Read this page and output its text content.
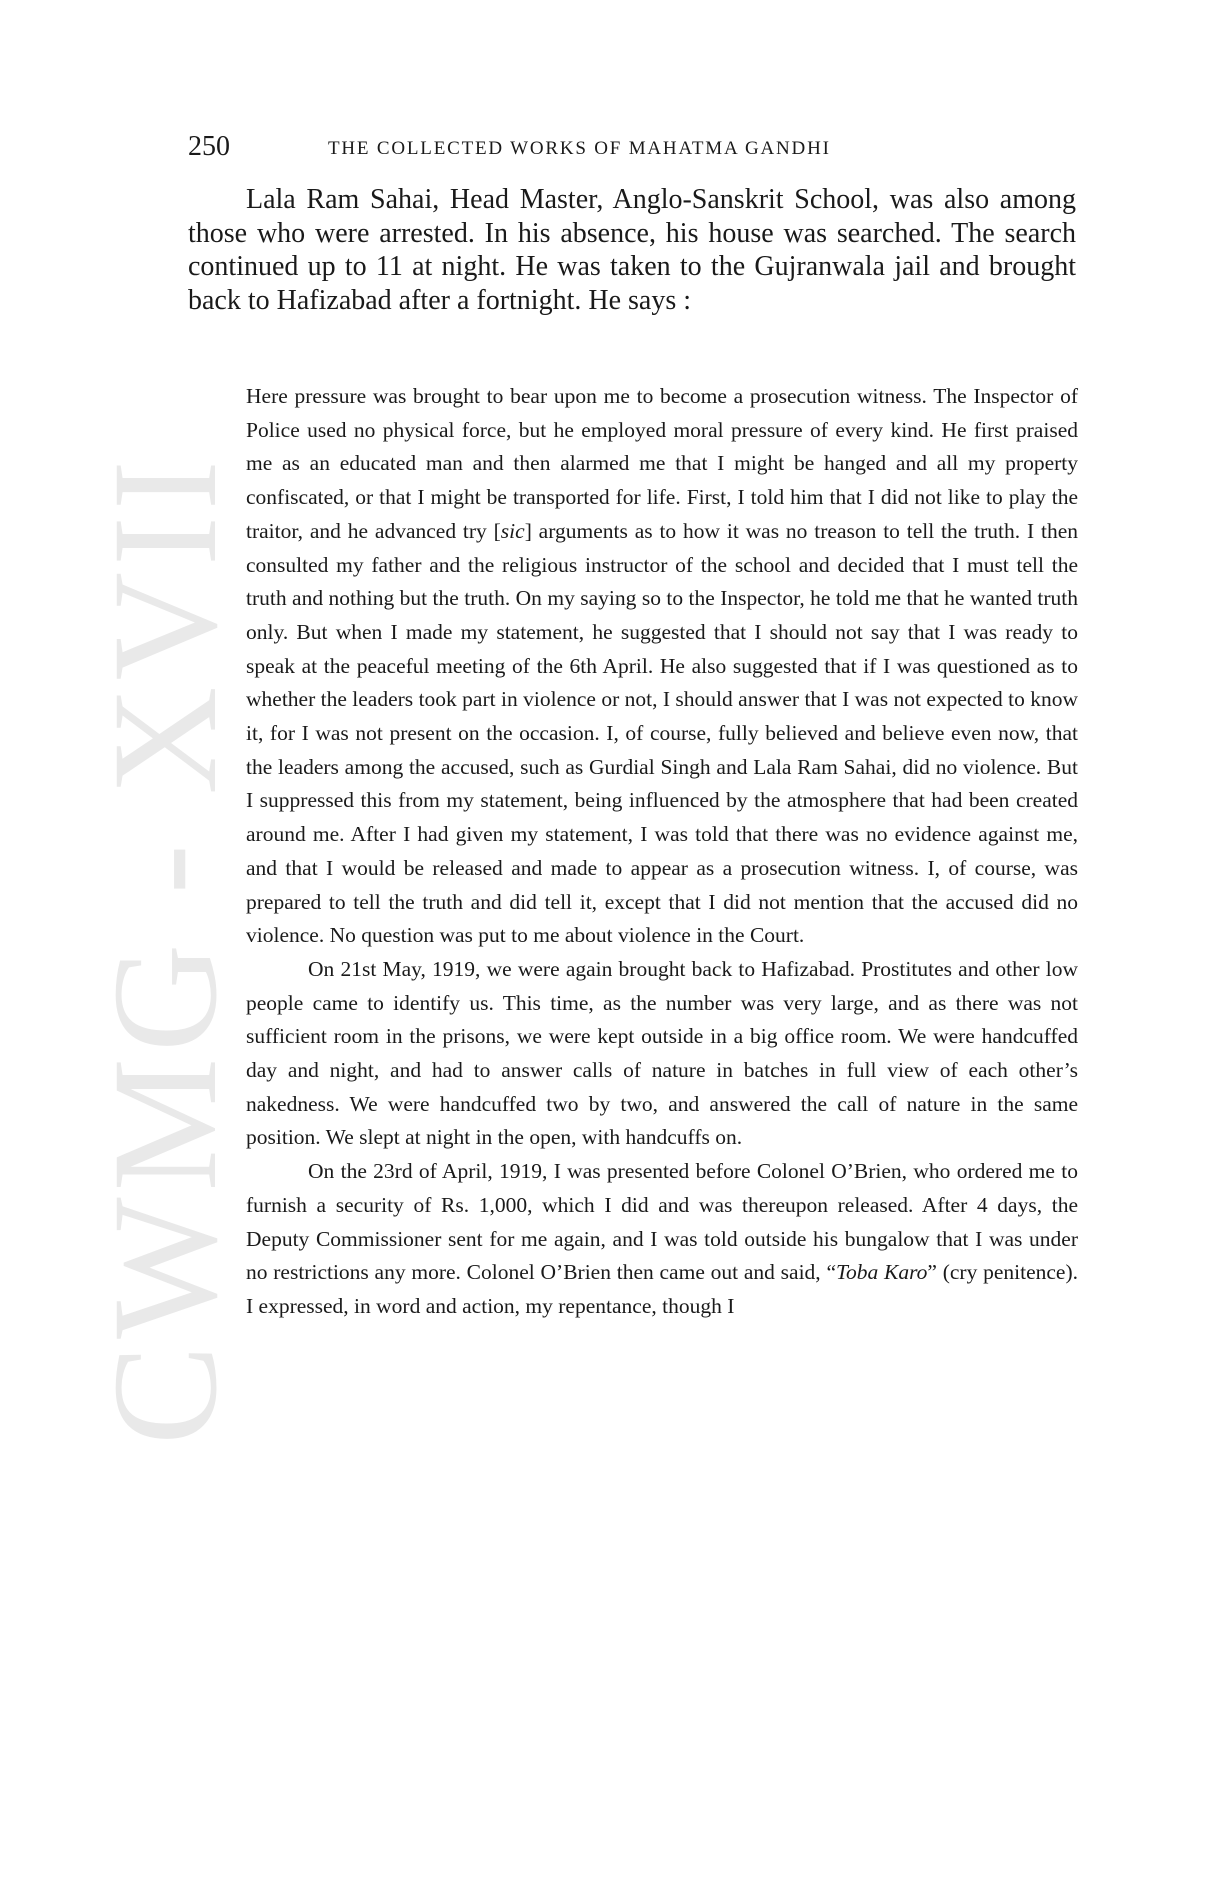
CWMG - XVII
250	THE COLLECTED WORKS OF MAHATMA GANDHI

Lala Ram Sahai, Head Master, Anglo-Sanskrit School, was also among those who were arrested. In his absence, his house was searched. The search continued up to 11 at night. He was taken to the Gujranwala jail and brought back to Hafizabad after a fortnight. He says :

Here pressure was brought to bear upon me to become a prosecution witness. The Inspector of Police used no physical force, but he employed moral pressure of every kind. He first praised me as an educated man and then alarmed me that I might be hanged and all my property confiscated, or that I might be transported for life. First, I told him that I did not like to play the traitor, and he advanced try [sic] arguments as to how it was no treason to tell the truth. I then consulted my father and the religious instructor of the school and decided that I must tell the truth and nothing but the truth. On my saying so to the Inspector, he told me that he wanted truth only. But when I made my statement, he suggested that I should not say that I was ready to speak at the peaceful meeting of the 6th April. He also suggested that if I was questioned as to whether the leaders took part in violence or not, I should answer that I was not expected to know it, for I was not present on the occasion. I, of course, fully believed and believe even now, that the leaders among the accused, such as Gurdial Singh and Lala Ram Sahai, did no violence. But I suppressed this from my statement, being influenced by the atmosphere that had been created around me. After I had given my statement, I was told that there was no evidence against me, and that I would be released and made to appear as a prosecution witness. I, of course, was prepared to tell the truth and did tell it, except that I did not mention that the accused did no violence. No question was put to me about violence in the Court.

On 21st May, 1919, we were again brought back to Hafizabad. Prostitutes and other low people came to identify us. This time, as the number was very large, and as there was not sufficient room in the prisons, we were kept outside in a big office room. We were handcuffed day and night, and had to answer calls of nature in batches in full view of each other’s nakedness. We were handcuffed two by two, and answered the call of nature in the same position. We slept at night in the open, with handcuffs on.

On the 23rd of April, 1919, I was presented before Colonel O’Brien, who ordered me to furnish a security of Rs. 1,000, which I did and was thereupon released. After 4 days, the Deputy Commissioner sent for me again, and I was told outside his bungalow that I was under no restrictions any more. Colonel O’Brien then came out and said, “Toba Karo” (cry penitence). I expressed, in word and action, my repentance, though I
